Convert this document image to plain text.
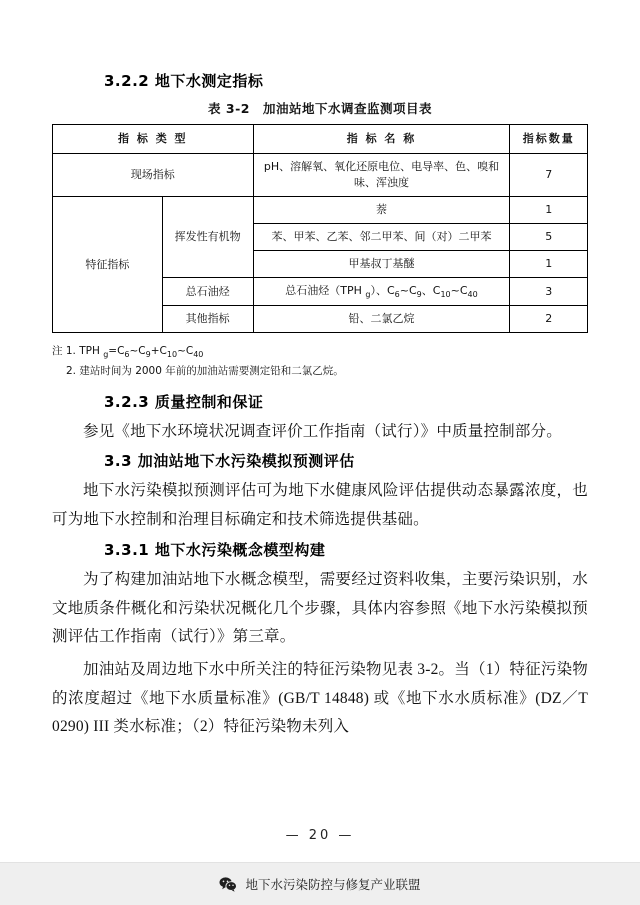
3.2.2 地下水测定指标
表 3-2　加油站地下水调查监测项目表
指 标 类 型		指 标 名 称	指标数量
现场指标		pH、溶解氧、氧化还原电位、电导率、色、嗅和味、浑浊度	7
特征指标	挥发性有机物	萘	1
		苯、甲苯、乙苯、邻二甲苯、间（对）二甲苯	5
		甲基叔丁基醚	1
	总石油烃	总石油烃（TPH $_g$）、$C_6\sim C_9$、$C_{10}\sim C_{40}$	3
	其他指标	铅、二氯乙烷	2
注 1. TPH $_g=C_6\sim C_9+C_{10}\sim C_{40}$
2. 建站时间为 2000 年前的加油站需要测定铅和二氯乙烷。
3.2.3 质量控制和保证

参见《地下水环境状况调查评价工作指南（试行）》中质量控制部分。

3.3 加油站地下水污染模拟预测评估

地下水污染模拟预测评估可为地下水健康风险评估提供动态暴露浓度，也可为地下水控制和治理目标确定和技术筛选提供基础。

3.3.1 地下水污染概念模型构建

为了构建加油站地下水概念模型，需要经过资料收集，主要污染识别，水文地质条件概化和污染状况概化几个步骤，具体内容参照《地下水污染模拟预测评估工作指南（试行）》第三章。

加油站及周边地下水中所关注的特征污染物见表 3-2。当（1）特征污染物的浓度超过《地下水质量标准》(GB/T 14848) 或《地下水水质标准》(DZ／T 0290) III 类水标准；（2）特征污染物未列入

— 20 —
地下水污染防控与修复产业联盟
